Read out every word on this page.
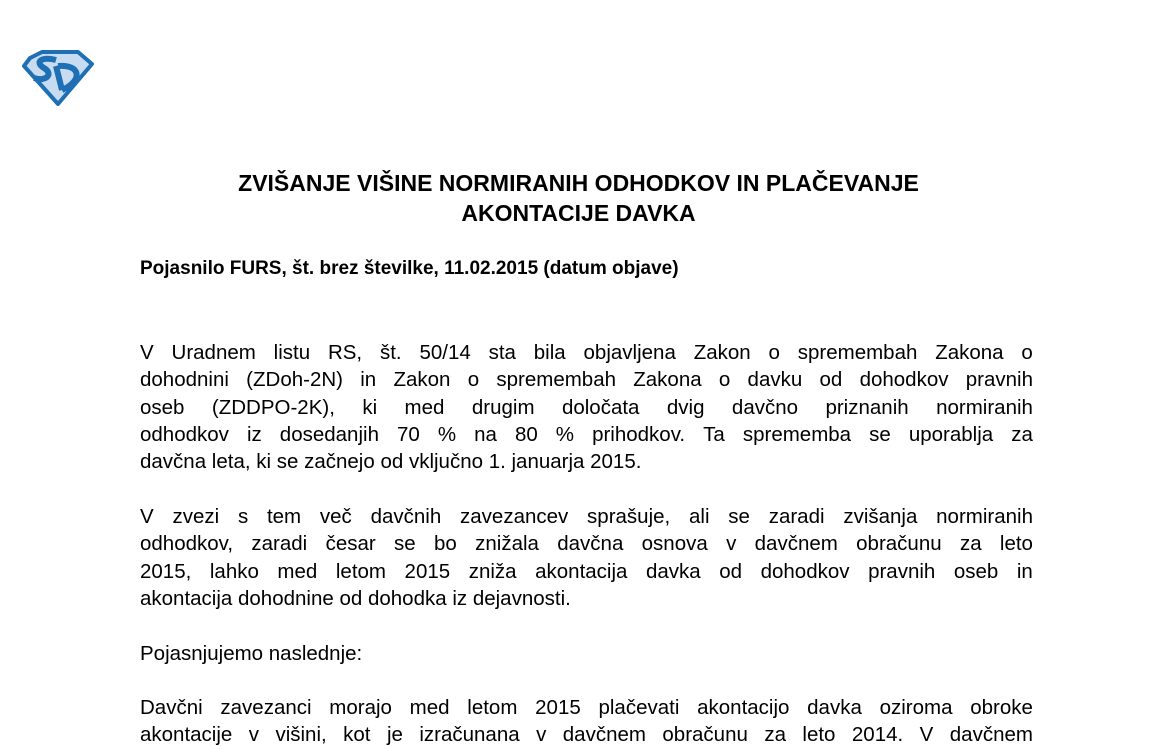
ZVIŠANJE VIŠINE NORMIRANIH ODHODKOV IN PLAČEVANJE
AKONTACIJE DAVKA
Pojasnilo FURS, št. brez številke, 11.02.2015 (datum objave)
V Uradnem listu RS, št. 50/14 sta bila objavljena Zakon o spremembah Zakona o
dohodnini (ZDoh-2N) in Zakon o spremembah Zakona o davku od dohodkov pravnih
oseb (ZDDPO-2K), ki med drugim določata dvig davčno priznanih normiranih
odhodkov iz dosedanjih 70 % na 80 % prihodkov. Ta sprememba se uporablja za
davčna leta, ki se začnejo od vključno 1. januarja 2015.
V zvezi s tem več davčnih zavezancev sprašuje, ali se zaradi zvišanja normiranih
odhodkov, zaradi česar se bo znižala davčna osnova v davčnem obračunu za leto
2015, lahko med letom 2015 zniža akontacija davka od dohodkov pravnih oseb in
akontacija dohodnine od dohodka iz dejavnosti.
Pojasnjujemo naslednje:
Davčni zavezanci morajo med letom 2015 plačevati akontacijo davka oziroma obroke
akontacije v višini, kot je izračunana v davčnem obračunu za leto 2014. V davčnem
